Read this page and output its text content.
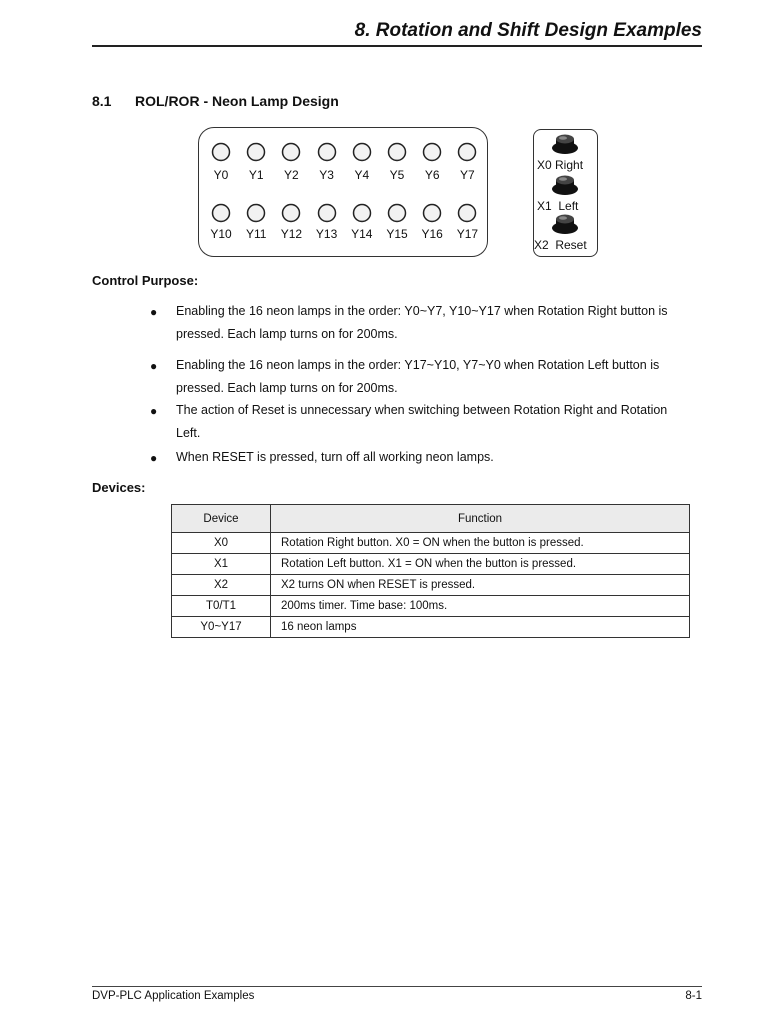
8. Rotation and Shift Design Examples
8.1 ROL/ROR - Neon Lamp Design
Y0	Y1	Y2	Y3	Y4	Y5	Y6	Y7
Y10	Y11	Y12	Y13	Y14	Y15	Y16	Y17
X0 Right
X1  Left
X2  Reset
Control Purpose:
●	Enabling the 16 neon lamps in the order: Y0~Y7, Y10~Y17 when Rotation Right button is
pressed. Each lamp turns on for 200ms.
●	Enabling the 16 neon lamps in the order: Y17~Y10, Y7~Y0 when Rotation Left button is
pressed. Each lamp turns on for 200ms.
●	The action of Reset is unnecessary when switching between Rotation Right and Rotation
Left.
●	When RESET is pressed, turn off all working neon lamps.
Devices:
Device	Function
X0	Rotation Right button. X0 = ON when the button is pressed.
X1	Rotation Left button. X1 = ON when the button is pressed.
X2	X2 turns ON when RESET is pressed.
T0/T1	200ms timer. Time base: 100ms.
Y0~Y17	16 neon lamps
DVP-PLC Application Examples	8-1
